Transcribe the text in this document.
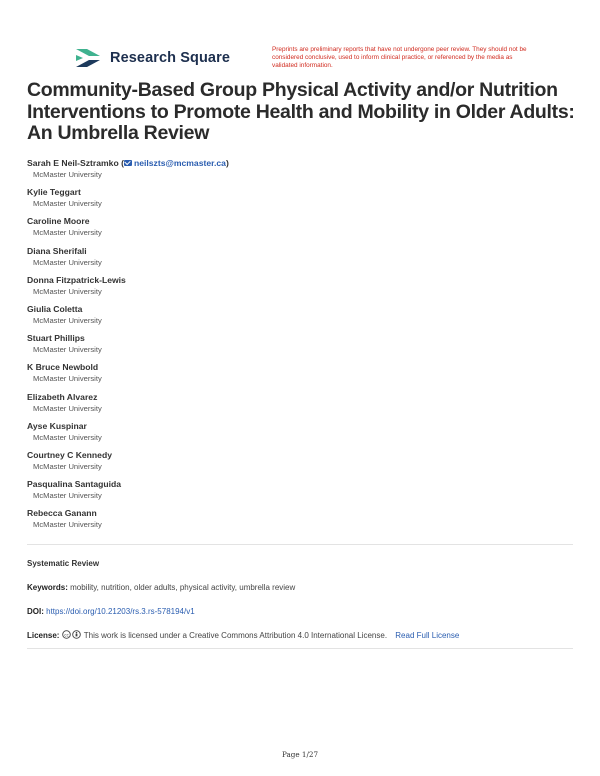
Research Square
Preprints are preliminary reports that have not undergone peer review. They should not be considered conclusive, used to inform clinical practice, or referenced by the media as validated information.
Community-Based Group Physical Activity and/or Nutrition Interventions to Promote Health and Mobility in Older Adults: An Umbrella Review
Sarah E Neil-Sztramko ( neilszts@mcmaster.ca)
McMaster University
Kylie Teggart
McMaster University
Caroline Moore
McMaster University
Diana Sherifali
McMaster University
Donna Fitzpatrick-Lewis
McMaster University
Giulia Coletta
McMaster University
Stuart Phillips
McMaster University
K Bruce Newbold
McMaster University
Elizabeth Alvarez
McMaster University
Ayse Kuspinar
McMaster University
Courtney C Kennedy
McMaster University
Pasqualina Santaguida
McMaster University
Rebecca Ganann
McMaster University
Systematic Review
Keywords: mobility, nutrition, older adults, physical activity, umbrella review
DOI: https://doi.org/10.21203/rs.3.rs-578194/v1
License: cc This work is licensed under a Creative Commons Attribution 4.0 International License. Read Full License
Page 1/27
